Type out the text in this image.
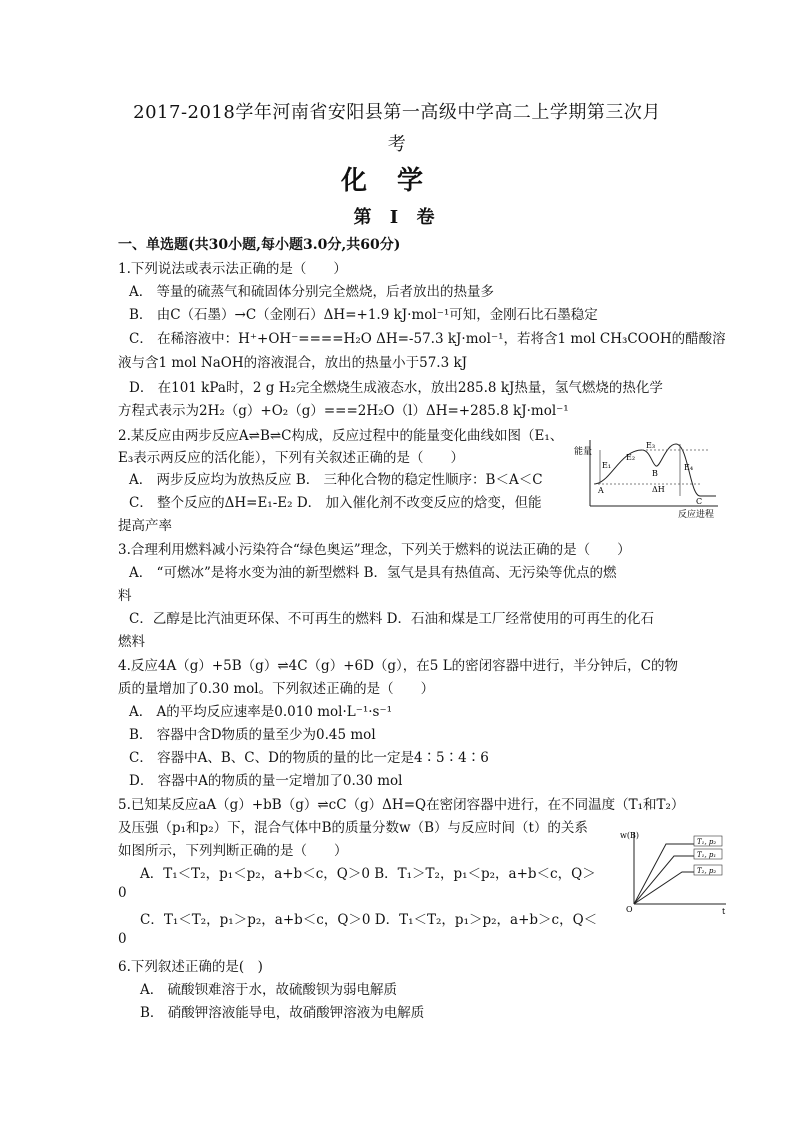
2017-2018学年河南省安阳县第一高级中学高二上学期第三次月
考
化学
第 I 卷
一、单选题(共30小题,每小题3.0分,共60分)
1.下列说法或表示法正确的是（　　）
A． 等量的硫蒸气和硫固体分别完全燃烧，后者放出的热量多
B． 由C（石墨）→C（金刚石）ΔH=+1.9 kJ·mol⁻¹可知，金刚石比石墨稳定
C． 在稀溶液中：H⁺+OH⁻====H₂O ΔH=-57.3 kJ·mol⁻¹，若将含1 mol CH₃COOH的醋酸溶
液与含1 mol NaOH的溶液混合，放出的热量小于57.3 kJ
D． 在101 kPa时，2 g H₂完全燃烧生成液态水，放出285.8 kJ热量，氢气燃烧的热化学
方程式表示为2H₂（g）+O₂（g）===2H₂O（l）ΔH=+285.8 kJ·mol⁻¹
2.某反应由两步反应A⇌B⇌C构成，反应过程中的能量变化曲线如图（E₁、
E₃表示两反应的活化能），下列有关叙述正确的是（　　）
A． 两步反应均为放热反应 B． 三种化合物的稳定性顺序：B＜A＜C
C． 整个反应的ΔH=E₁-E₂ D． 加入催化剂不改变反应的焓变，但能
提高产率
能量
反应进程
E₁
E₂
E₃
E₄
A
B
C
ΔH
3.合理利用燃料减小污染符合“绿色奥运”理念，下列关于燃料的说法正确的是（　　）
A． “可燃冰”是将水变为油的新型燃料 B．氢气是具有热值高、无污染等优点的燃
料
C．乙醇是比汽油更环保、不可再生的燃料 D．石油和煤是工厂经常使用的可再生的化石
燃料
4.反应4A（g）+5B（g）⇌4C（g）+6D（g），在5 L的密闭容器中进行，半分钟后，C的物
质的量增加了0.30 mol。下列叙述正确的是（　　）
A． A的平均反应速率是0.010 mol·L⁻¹·s⁻¹
B． 容器中含D物质的量至少为0.45 mol
C． 容器中A、B、C、D的物质的量的比一定是4∶5∶4∶6
D． 容器中A的物质的量一定增加了0.30 mol
5.已知某反应aA（g）+bB（g）⇌cC（g）ΔH=Q在密闭容器中进行，在不同温度（T₁和T₂）
及压强（p₁和p₂）下，混合气体中B的质量分数w（B）与反应时间（t）的关系
如图所示，下列判断正确的是（　　）
A．T₁＜T₂，p₁＜p₂，a+b＜c，Q＞0 B．T₁＞T₂，p₁＜p₂，a+b＜c，Q＞
0
C．T₁＜T₂，p₁＞p₂，a+b＜c，Q＞0 D．T₁＜T₂，p₁＞p₂，a+b＞c，Q＜
0
w(B)
t
O
T₁, p₂
T₁, p₁
T₂, p₂
6.下列叙述正确的是(　)
A． 硫酸钡难溶于水，故硫酸钡为弱电解质
B． 硝酸钾溶液能导电，故硝酸钾溶液为电解质
